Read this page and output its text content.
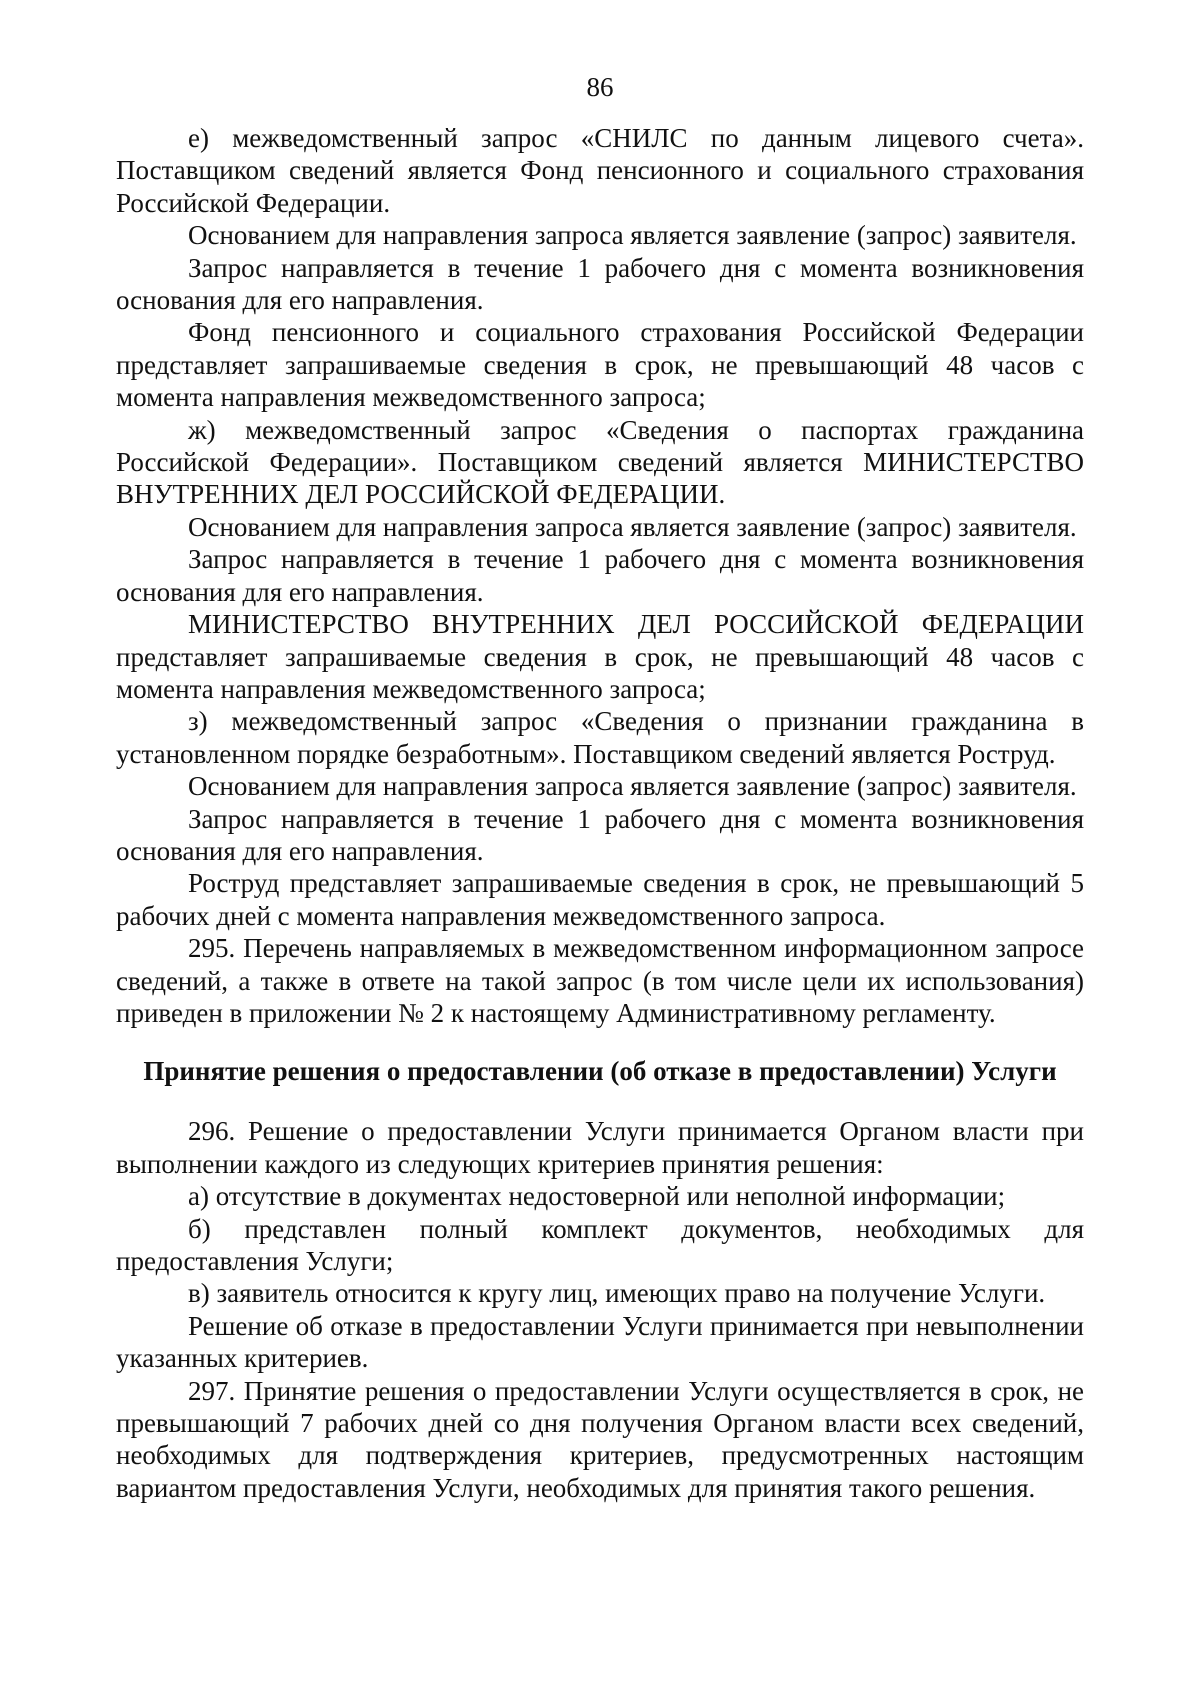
86

е) межведомственный запрос «СНИЛС по данным лицевого счета». Поставщиком сведений является Фонд пенсионного и социального страхования Российской Федерации.

Основанием для направления запроса является заявление (запрос) заявителя.

Запрос направляется в течение 1 рабочего дня с момента возникновения основания для его направления.

Фонд пенсионного и социального страхования Российской Федерации представляет запрашиваемые сведения в срок, не превышающий 48 часов с момента направления межведомственного запроса;

ж) межведомственный запрос «Сведения о паспортах гражданина Российской Федерации». Поставщиком сведений является МИНИСТЕРСТВО ВНУТРЕННИХ ДЕЛ РОССИЙСКОЙ ФЕДЕРАЦИИ.

Основанием для направления запроса является заявление (запрос) заявителя.

Запрос направляется в течение 1 рабочего дня с момента возникновения основания для его направления.

МИНИСТЕРСТВО ВНУТРЕННИХ ДЕЛ РОССИЙСКОЙ ФЕДЕРАЦИИ представляет запрашиваемые сведения в срок, не превышающий 48 часов с момента направления межведомственного запроса;

з) межведомственный запрос «Сведения о признании гражданина в установленном порядке безработным». Поставщиком сведений является Роструд.

Основанием для направления запроса является заявление (запрос) заявителя.

Запрос направляется в течение 1 рабочего дня с момента возникновения основания для его направления.

Роструд представляет запрашиваемые сведения в срок, не превышающий 5 рабочих дней с момента направления межведомственного запроса.

295. Перечень направляемых в межведомственном информационном запросе сведений, а также в ответе на такой запрос (в том числе цели их использования) приведен в приложении № 2 к настоящему Административному регламенту.

Принятие решения о предоставлении (об отказе в предоставлении) Услуги

296. Решение о предоставлении Услуги принимается Органом власти при выполнении каждого из следующих критериев принятия решения:

а) отсутствие в документах недостоверной или неполной информации;

б) представлен полный комплект документов, необходимых для предоставления Услуги;

в) заявитель относится к кругу лиц, имеющих право на получение Услуги.

Решение об отказе в предоставлении Услуги принимается при невыполнении указанных критериев.

297. Принятие решения о предоставлении Услуги осуществляется в срок, не превышающий 7 рабочих дней со дня получения Органом власти всех сведений, необходимых для подтверждения критериев, предусмотренных настоящим вариантом предоставления Услуги, необходимых для принятия такого решения.
